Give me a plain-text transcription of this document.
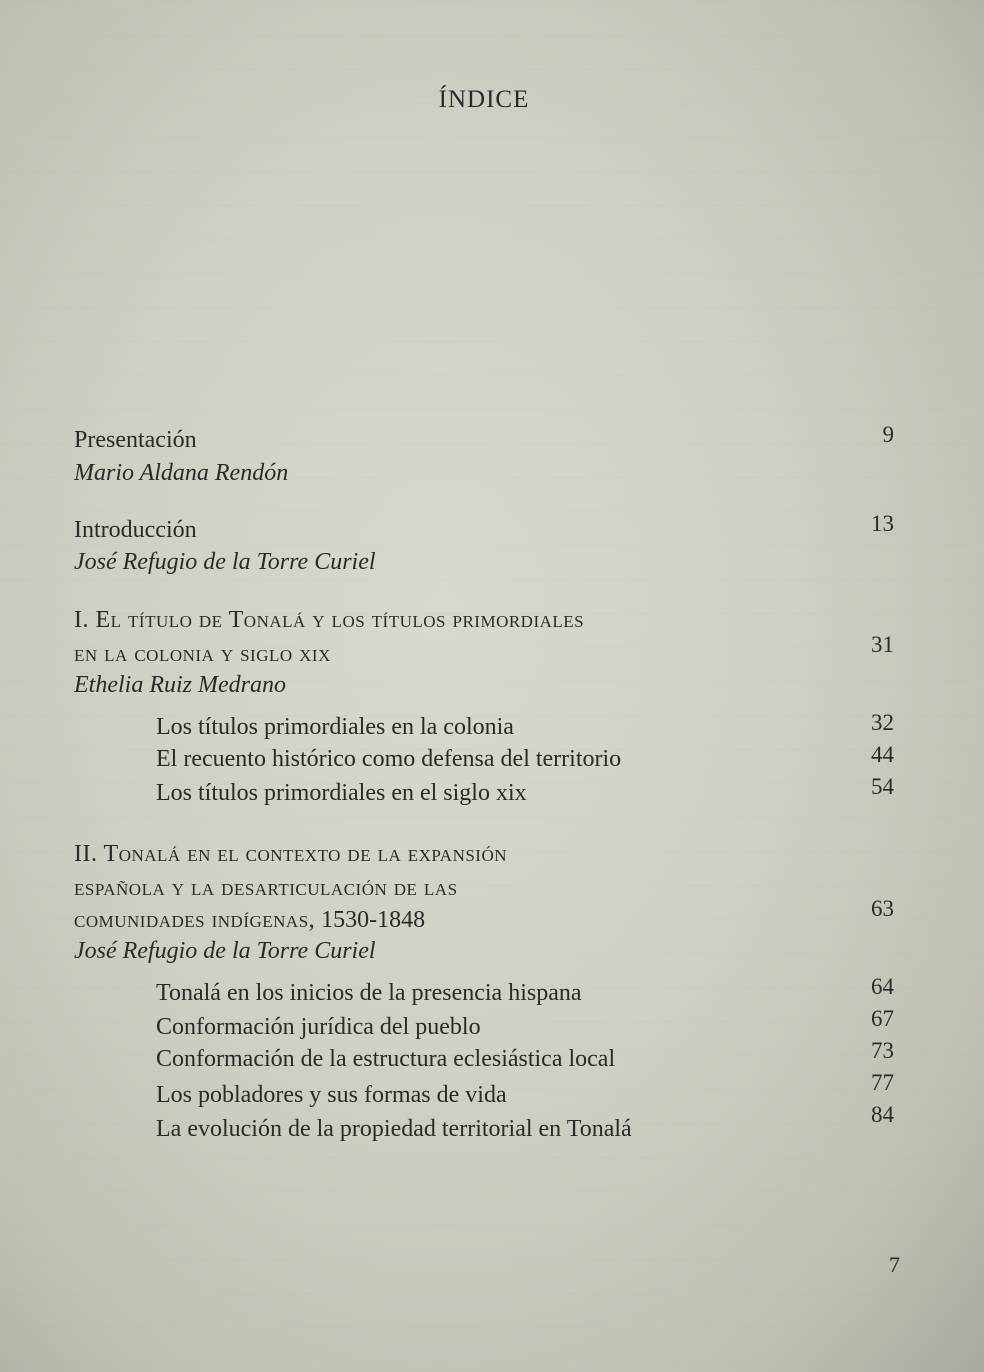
ÍNDICE
Presentación
Mario Aldana Rendón
9
Introducción
José Refugio de la Torre Curiel
13
I. El título de Tonalá y los títulos primordiales
en la colonia y siglo xix
Ethelia Ruiz Medrano
31
Los títulos primordiales en la colonia	32
El recuento histórico como defensa del territorio	44
Los títulos primordiales en el siglo xix	54
II. Tonalá en el contexto de la expansión
española y la desarticulación de las
comunidades indígenas, 1530-1848
José Refugio de la Torre Curiel
63
Tonalá en los inicios de la presencia hispana	64
Conformación jurídica del pueblo	67
Conformación de la estructura eclesiástica local	73
Los pobladores y sus formas de vida	77
La evolución de la propiedad territorial en Tonalá
84
7
